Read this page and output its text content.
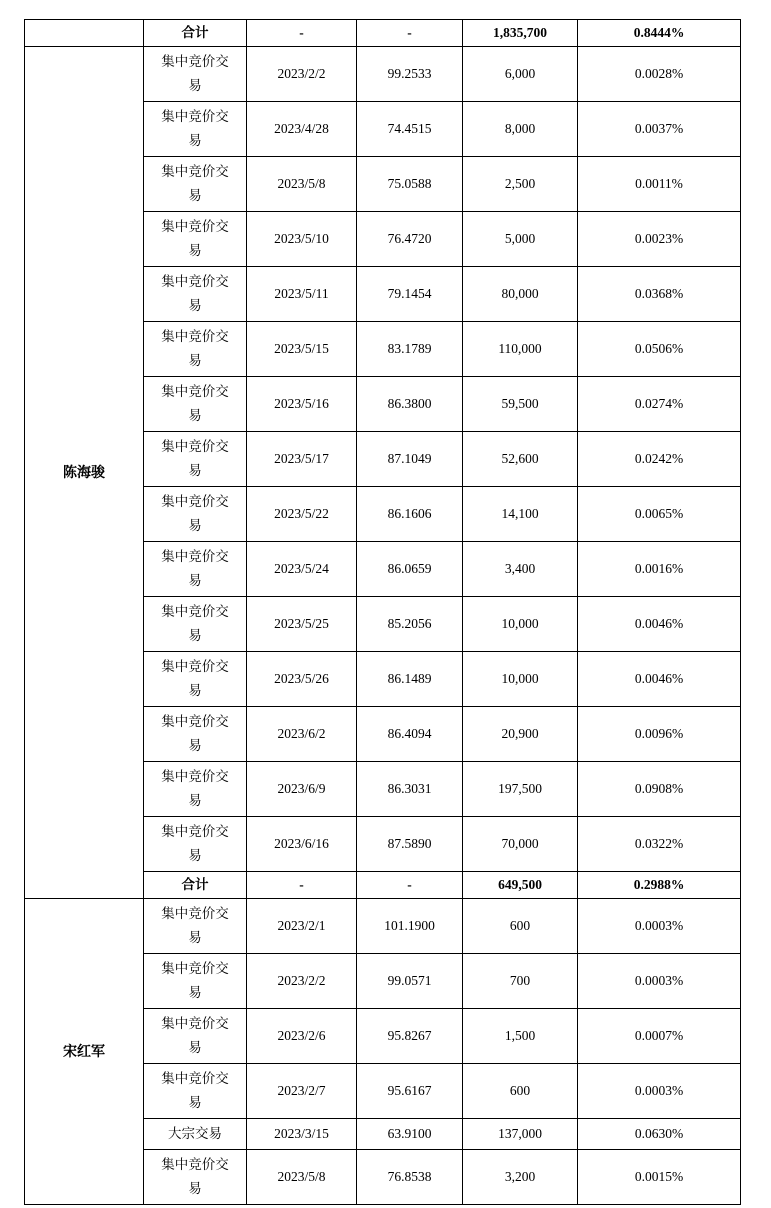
	合计	-	-	1,835,700	0.8444%
陈海骏	集中竞价交易	2023/2/2	99.2533	6,000	0.0028%
	集中竞价交易	2023/4/28	74.4515	8,000	0.0037%
	集中竞价交易	2023/5/8	75.0588	2,500	0.0011%
	集中竞价交易	2023/5/10	76.4720	5,000	0.0023%
	集中竞价交易	2023/5/11	79.1454	80,000	0.0368%
	集中竞价交易	2023/5/15	83.1789	110,000	0.0506%
	集中竞价交易	2023/5/16	86.3800	59,500	0.0274%
	集中竞价交易	2023/5/17	87.1049	52,600	0.0242%
	集中竞价交易	2023/5/22	86.1606	14,100	0.0065%
	集中竞价交易	2023/5/24	86.0659	3,400	0.0016%
	集中竞价交易	2023/5/25	85.2056	10,000	0.0046%
	集中竞价交易	2023/5/26	86.1489	10,000	0.0046%
	集中竞价交易	2023/6/2	86.4094	20,900	0.0096%
	集中竞价交易	2023/6/9	86.3031	197,500	0.0908%
	集中竞价交易	2023/6/16	87.5890	70,000	0.0322%
	合计	-	-	649,500	0.2988%
宋红军	集中竞价交易	2023/2/1	101.1900	600	0.0003%
	集中竞价交易	2023/2/2	99.0571	700	0.0003%
	集中竞价交易	2023/2/6	95.8267	1,500	0.0007%
	集中竞价交易	2023/2/7	95.6167	600	0.0003%
	大宗交易	2023/3/15	63.9100	137,000	0.0630%
	集中竞价交易	2023/5/8	76.8538	3,200	0.0015%
